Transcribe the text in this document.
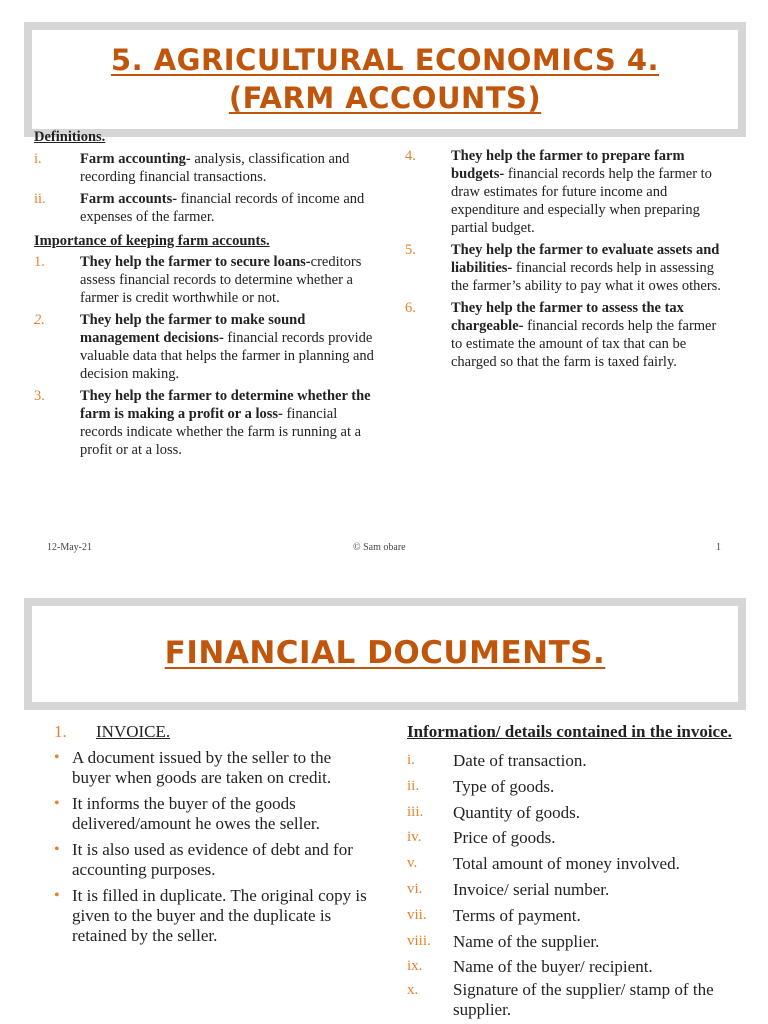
5. AGRICULTURAL ECONOMICS 4.
(FARM ACCOUNTS)
Definitions.
i.	Farm accounting- analysis, classification and recording financial transactions.
ii. Farm accounts- financial records of income and expenses of the farmer.
Importance of keeping farm accounts.
1. They help the farmer to secure loans-creditors assess financial records to determine whether a farmer is credit worthwhile or not.
2. They help the farmer to make sound management decisions- financial records provide valuable data that helps the farmer in planning and decision making.
3. They help the farmer to determine whether the farm is making a profit or a loss- financial records indicate whether the farm is running at a profit or at a loss.
4. They help the farmer to prepare farm budgets- financial records help the farmer to draw estimates for future income and expenditure and especially when preparing partial budget.
5. They help the farmer to evaluate assets and liabilities- financial records help in assessing the farmer’s ability to pay what it owes others.
6. They help the farmer to assess the tax chargeable- financial records help the farmer to estimate the amount of tax that can be charged so that the farm is taxed fairly.
12-May-21	© Sam obare	1
FINANCIAL DOCUMENTS.
1. INVOICE.
• A document issued by the seller to the buyer when goods are taken on credit.
• It informs the buyer of the goods delivered/amount he owes the seller.
• It is also used as evidence of debt and for accounting purposes.
• It is filled in duplicate. The original copy is given to the buyer and the duplicate is retained by the seller.
Information/ details contained in the invoice.
i. Date of transaction.
ii. Type of goods.
iii. Quantity of goods.
iv. Price of goods.
v. Total amount of money involved.
vi. Invoice/ serial number.
vii. Terms of payment.
viii. Name of the supplier.
ix. Name of the buyer/ recipient.
x. Signature of the supplier/ stamp of the supplier.
